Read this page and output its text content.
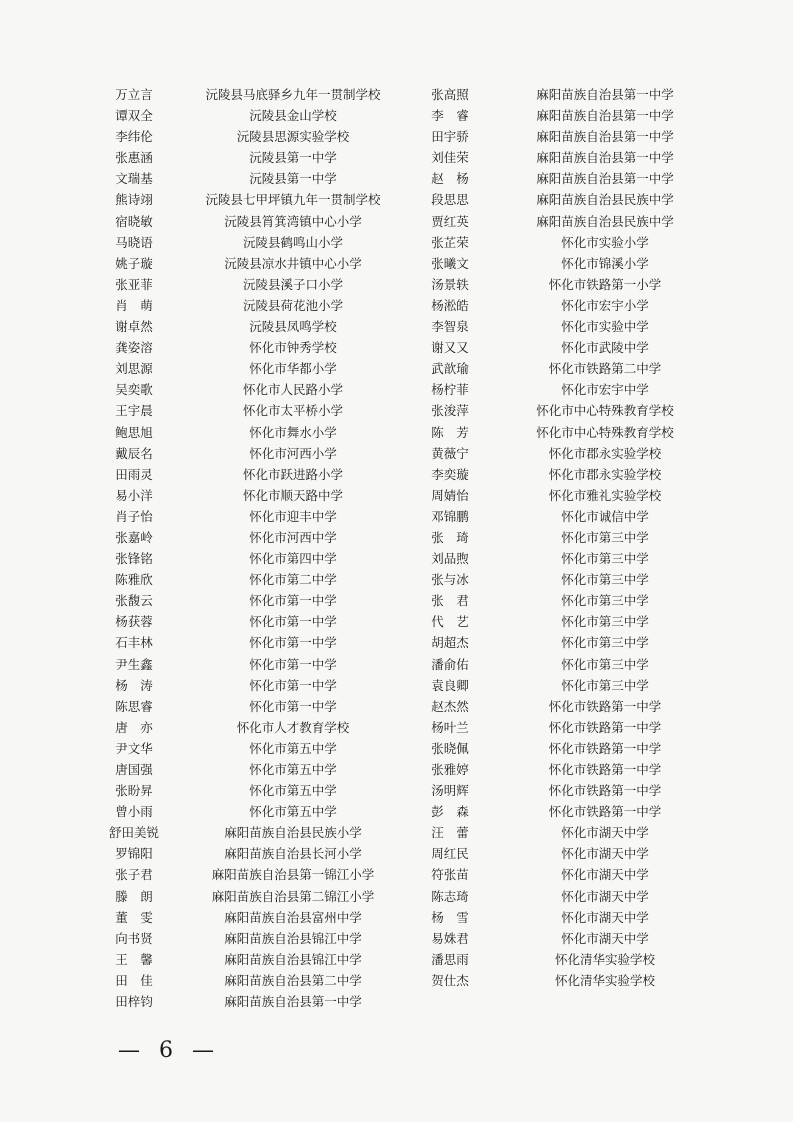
万立言	沅陵县马底驿乡九年一贯制学校
谭双全	沅陵县金山学校
李纬伦	沅陵县思源实验学校
张惠涵	沅陵县第一中学
文瑞基	沅陵县第一中学
熊诗翊	沅陵县七甲坪镇九年一贯制学校
宿晓敏	沅陵县筲箕湾镇中心小学
马晓语	沅陵县鹤鸣山小学
姚子璇	沅陵县凉水井镇中心小学
张亚菲	沅陵县溪子口小学
肖　萌	沅陵县荷花池小学
谢卓然	沅陵县凤鸣学校
龚姿溶	怀化市钟秀学校
刘思源	怀化市华都小学
吴奕歌	怀化市人民路小学
王宇晨	怀化市太平桥小学
鲍思旭	怀化市舞水小学
戴辰名	怀化市河西小学
田雨灵	怀化市跃进路小学
易小洋	怀化市顺天路中学
肖子怡	怀化市迎丰中学
张嘉岭	怀化市河西中学
张锋铭	怀化市第四中学
陈雅欣	怀化市第二中学
张馥云	怀化市第一中学
杨获蓉	怀化市第一中学
石丰林	怀化市第一中学
尹生鑫	怀化市第一中学
杨　涛	怀化市第一中学
陈思睿	怀化市第一中学
唐　亦	怀化市人才教育学校
尹文华	怀化市第五中学
唐国强	怀化市第五中学
张盼昇	怀化市第五中学
曾小雨	怀化市第五中学
舒田美锐	麻阳苗族自治县民族小学
罗锦阳	麻阳苗族自治县长河小学
张子君	麻阳苗族自治县第一锦江小学
滕　朗	麻阳苗族自治县第二锦江小学
董　雯	麻阳苗族自治县富州中学
向书贤	麻阳苗族自治县锦江中学
王　馨	麻阳苗族自治县锦江中学
田　佳	麻阳苗族自治县第二中学
田梓钧	麻阳苗族自治县第一中学
张高照	麻阳苗族自治县第一中学
李　睿	麻阳苗族自治县第一中学
田宇骄	麻阳苗族自治县第一中学
刘佳荣	麻阳苗族自治县第一中学
赵　杨	麻阳苗族自治县第一中学
段思思	麻阳苗族自治县民族中学
贾红英	麻阳苗族自治县民族中学
张芷荣	怀化市实验小学
张曦文	怀化市锦溪小学
汤景轶	怀化市铁路第一小学
杨淞皓	怀化市宏宇小学
李智泉	怀化市实验中学
谢又又	怀化市武陵中学
武歆瑜	怀化市铁路第二中学
杨柠菲	怀化市宏宇中学
张浚萍	怀化市中心特殊教育学校
陈　芳	怀化市中心特殊教育学校
黄薇宁	怀化市郡永实验学校
李奕璇	怀化市郡永实验学校
周婧怡	怀化市雅礼实验学校
邓锦鹏	怀化市诚信中学
张　琦	怀化市第三中学
刘品煦	怀化市第三中学
张与冰	怀化市第三中学
张　君	怀化市第三中学
代　艺	怀化市第三中学
胡超杰	怀化市第三中学
潘俞佑	怀化市第三中学
袁良卿	怀化市第三中学
赵杰然	怀化市铁路第一中学
杨叶兰	怀化市铁路第一中学
张晓佩	怀化市铁路第一中学
张雅婷	怀化市铁路第一中学
汤明辉	怀化市铁路第一中学
彭　森	怀化市铁路第一中学
汪　蕾	怀化市湖天中学
周红民	怀化市湖天中学
符张苗	怀化市湖天中学
陈志琦	怀化市湖天中学
杨　雪	怀化市湖天中学
易姝君	怀化市湖天中学
潘思雨	怀化清华实验学校
贺仕杰	怀化清华实验学校
— 6 —
